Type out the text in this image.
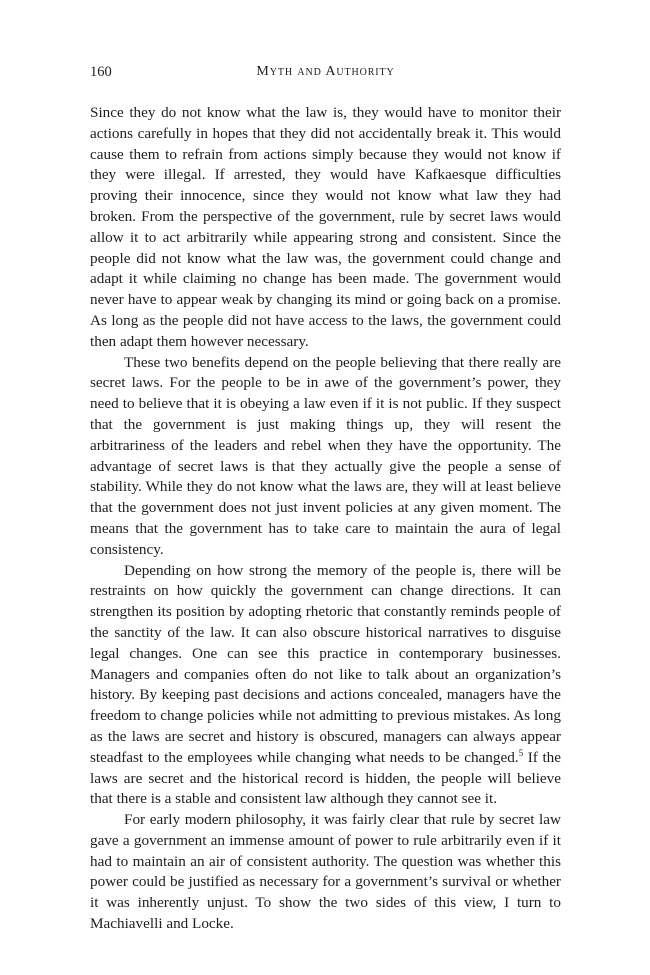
160	Myth and Authority

Since they do not know what the law is, they would have to monitor their actions carefully in hopes that they did not accidentally break it. This would cause them to refrain from actions simply because they would not know if they were illegal. If arrested, they would have Kafkaesque difficulties proving their innocence, since they would not know what law they had broken. From the perspective of the government, rule by secret laws would allow it to act arbitrarily while appearing strong and consistent. Since the people did not know what the law was, the government could change and adapt it while claiming no change has been made. The government would never have to appear weak by changing its mind or going back on a promise. As long as the people did not have access to the laws, the government could then adapt them however necessary.

These two benefits depend on the people believing that there really are secret laws. For the people to be in awe of the government’s power, they need to believe that it is obeying a law even if it is not public. If they suspect that the government is just making things up, they will resent the arbitrariness of the leaders and rebel when they have the opportunity. The advantage of secret laws is that they actually give the people a sense of stability. While they do not know what the laws are, they will at least believe that the government does not just invent policies at any given moment. The means that the government has to take care to maintain the aura of legal consistency.

Depending on how strong the memory of the people is, there will be restraints on how quickly the government can change directions. It can strengthen its position by adopting rhetoric that constantly reminds people of the sanctity of the law. It can also obscure historical narratives to disguise legal changes. One can see this practice in contemporary businesses. Managers and companies often do not like to talk about an organization’s history. By keeping past decisions and actions concealed, managers have the freedom to change policies while not admitting to previous mistakes. As long as the laws are secret and history is obscured, managers can always appear steadfast to the employees while changing what needs to be changed.$^5$ If the laws are secret and the historical record is hidden, the people will believe that there is a stable and consistent law although they cannot see it.

For early modern philosophy, it was fairly clear that rule by secret law gave a government an immense amount of power to rule arbitrarily even if it had to maintain an air of consistent authority. The question was whether this power could be justified as necessary for a government’s survival or whether it was inherently unjust. To show the two sides of this view, I turn to Machiavelli and Locke.
